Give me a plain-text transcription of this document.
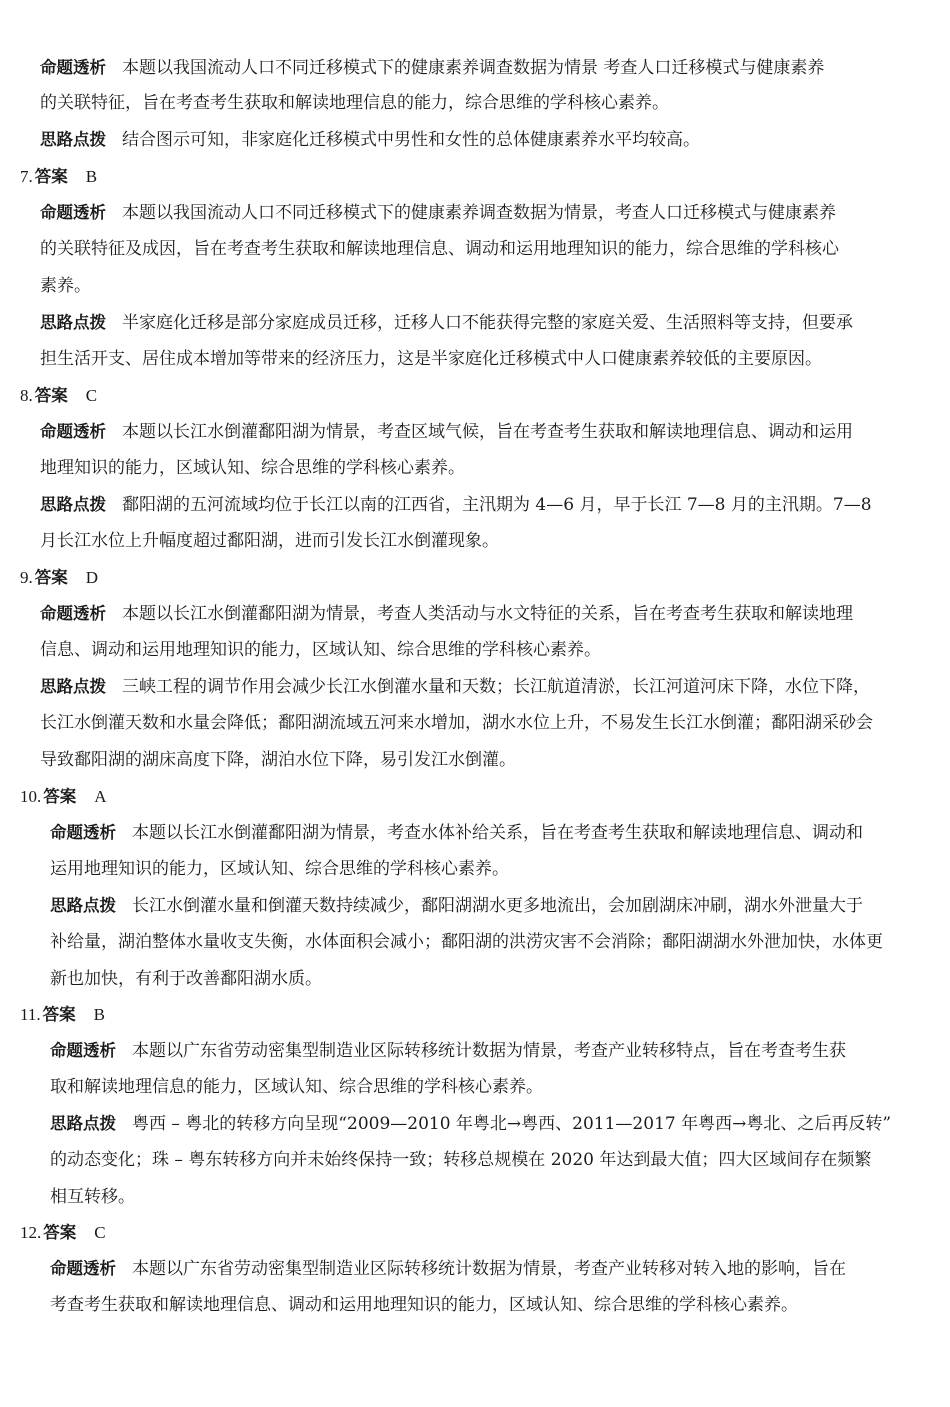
命题透析 本题以我国流动人口不同迁移模式下的健康素养调查数据为情景 考查人口迁移模式与健康素养
的关联特征，旨在考查考生获取和解读地理信息的能力，综合思维的学科核心素养。
思路点拨 结合图示可知，非家庭化迁移模式中男性和女性的总体健康素养水平均较高。
7. 答案 B
命题透析 本题以我国流动人口不同迁移模式下的健康素养调查数据为情景，考查人口迁移模式与健康素养
的关联特征及成因，旨在考查考生获取和解读地理信息、调动和运用地理知识的能力，综合思维的学科核心
素养。
思路点拨 半家庭化迁移是部分家庭成员迁移，迁移人口不能获得完整的家庭关爱、生活照料等支持，但要承
担生活开支、居住成本增加等带来的经济压力，这是半家庭化迁移模式中人口健康素养较低的主要原因。
8. 答案 C
命题透析 本题以长江水倒灌鄱阳湖为情景，考查区域气候，旨在考查考生获取和解读地理信息、调动和运用
地理知识的能力，区域认知、综合思维的学科核心素养。
思路点拨 鄱阳湖的五河流域均位于长江以南的江西省，主汛期为 4—6 月，早于长江 7—8 月的主汛期。7—8
月长江水位上升幅度超过鄱阳湖，进而引发长江水倒灌现象。
9. 答案 D
命题透析 本题以长江水倒灌鄱阳湖为情景，考查人类活动与水文特征的关系，旨在考查考生获取和解读地理
信息、调动和运用地理知识的能力，区域认知、综合思维的学科核心素养。
思路点拨 三峡工程的调节作用会减少长江水倒灌水量和天数；长江航道清淤，长江河道河床下降，水位下降，
长江水倒灌天数和水量会降低；鄱阳湖流域五河来水增加，湖水水位上升，不易发生长江水倒灌；鄱阳湖采砂会
导致鄱阳湖的湖床高度下降，湖泊水位下降，易引发江水倒灌。
10. 答案 A
命题透析 本题以长江水倒灌鄱阳湖为情景，考查水体补给关系，旨在考查考生获取和解读地理信息、调动和
运用地理知识的能力，区域认知、综合思维的学科核心素养。
思路点拨 长江水倒灌水量和倒灌天数持续减少，鄱阳湖湖水更多地流出，会加剧湖床冲刷，湖水外泄量大于
补给量，湖泊整体水量收支失衡，水体面积会减小；鄱阳湖的洪涝灾害不会消除；鄱阳湖湖水外泄加快，水体更
新也加快，有利于改善鄱阳湖水质。
11. 答案 B
命题透析 本题以广东省劳动密集型制造业区际转移统计数据为情景，考查产业转移特点，旨在考查考生获
取和解读地理信息的能力，区域认知、综合思维的学科核心素养。
思路点拨 粤西 – 粤北的转移方向呈现“2009—2010 年粤北→粤西、2011—2017 年粤西→粤北、之后再反转”
的动态变化；珠 – 粤东转移方向并未始终保持一致；转移总规模在 2020 年达到最大值；四大区域间存在频繁
相互转移。
12. 答案 C
命题透析 本题以广东省劳动密集型制造业区际转移统计数据为情景，考查产业转移对转入地的影响，旨在
考查考生获取和解读地理信息、调动和运用地理知识的能力，区域认知、综合思维的学科核心素养。
